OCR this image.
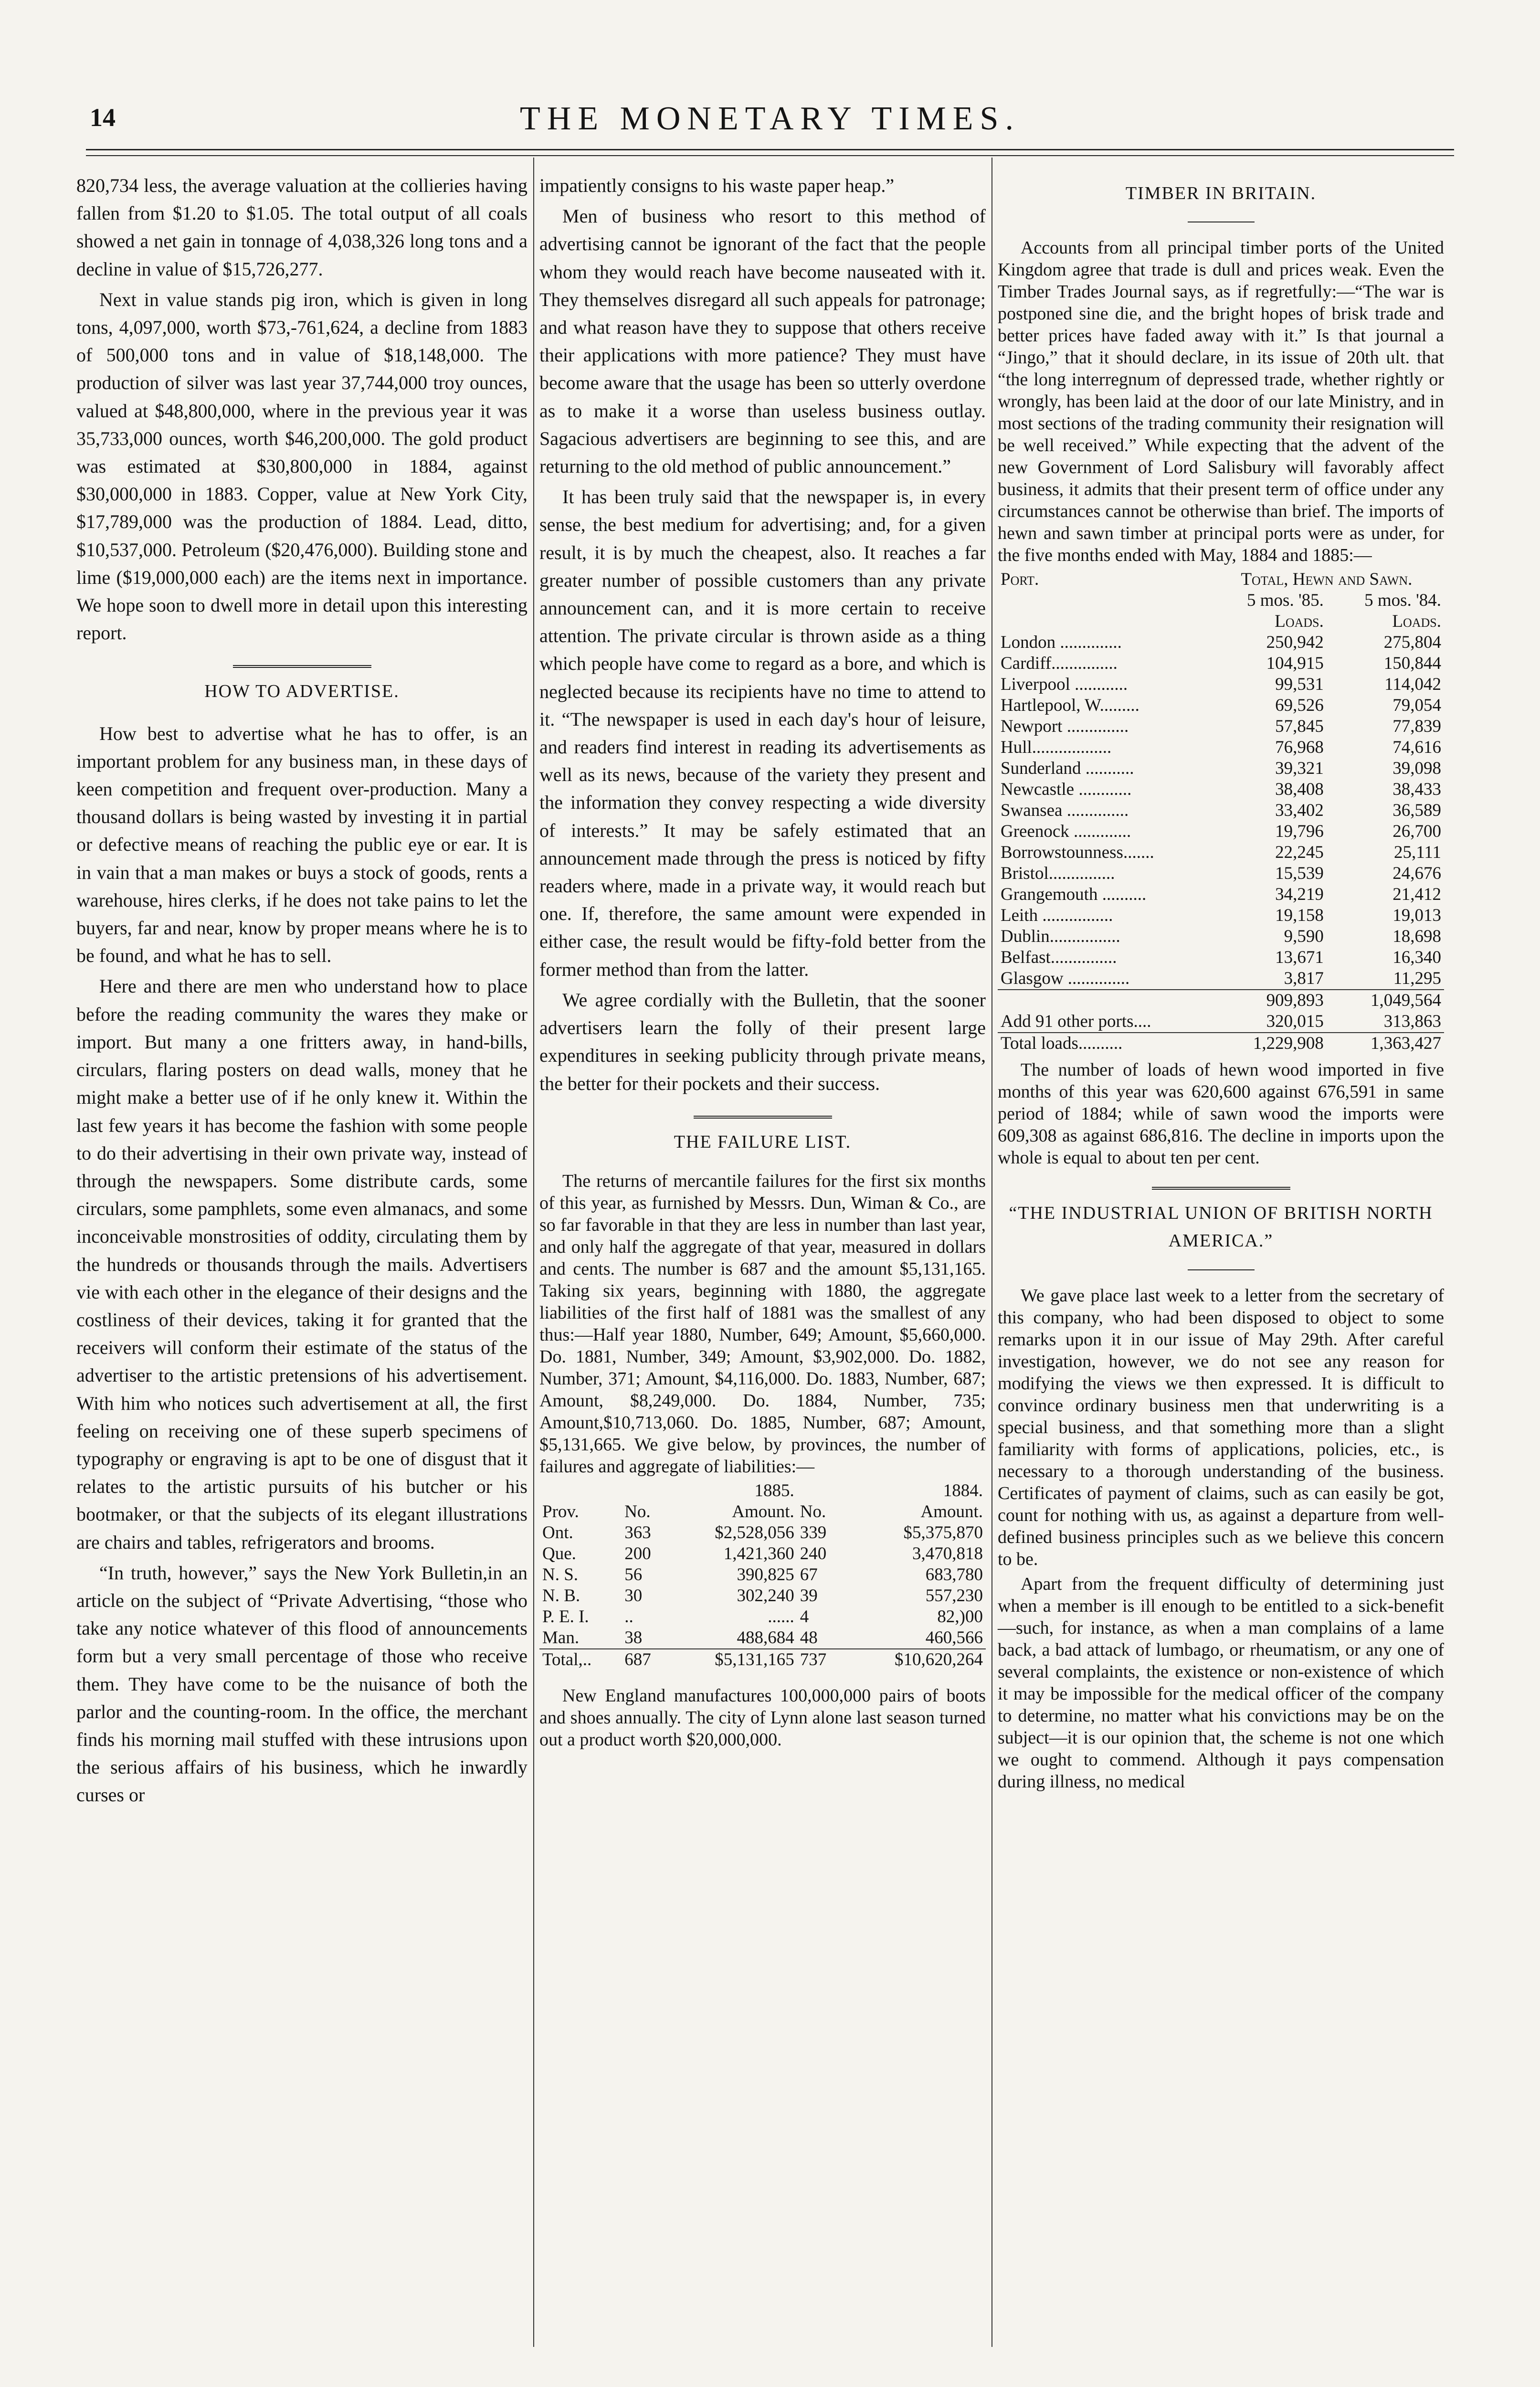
14	THE MONETARY TIMES.

820,734 less, the average valuation at the collieries having fallen from $1.20 to $1.05. The total output of all coals showed a net gain in tonnage of 4,038,326 long tons and a decline in value of $15,726,277.

Next in value stands pig iron, which is given in long tons, 4,097,000, worth $73,-761,624, a decline from 1883 of 500,000 tons and in value of $18,148,000. The production of silver was last year 37,744,000 troy ounces, valued at $48,800,000, where in the previous year it was 35,733,000 ounces, worth $46,200,000. The gold product was estimated at $30,800,000 in 1884, against $30,000,000 in 1883. Copper, value at New York City, $17,789,000 was the production of 1884. Lead, ditto, $10,537,000. Petroleum ($20,476,000). Building stone and lime ($19,000,000 each) are the items next in importance. We hope soon to dwell more in detail upon this interesting report.

HOW TO ADVERTISE.

How best to advertise what he has to offer, is an important problem for any business man, in these days of keen competition and frequent over-production. Many a thousand dollars is being wasted by investing it in partial or defective means of reaching the public eye or ear. It is in vain that a man makes or buys a stock of goods, rents a warehouse, hires clerks, if he does not take pains to let the buyers, far and near, know by proper means where he is to be found, and what he has to sell.

Here and there are men who understand how to place before the reading community the wares they make or import. But many a one fritters away, in hand-bills, circulars, flaring posters on dead walls, money that he might make a better use of if he only knew it. Within the last few years it has become the fashion with some people to do their advertising in their own private way, instead of through the newspapers. Some distribute cards, some circulars, some pamphlets, some even almanacs, and some inconceivable monstrosities of oddity, circulating them by the hundreds or thousands through the mails. Advertisers vie with each other in the elegance of their designs and the costliness of their devices, taking it for granted that the receivers will conform their estimate of the status of the advertiser to the artistic pretensions of his advertisement. With him who notices such advertisement at all, the first feeling on receiving one of these superb specimens of typography or engraving is apt to be one of disgust that it relates to the artistic pursuits of his butcher or his bootmaker, or that the subjects of its elegant illustrations are chairs and tables, refrigerators and brooms.

“In truth, however,” says the New York Bulletin,in an article on the subject of “Private Advertising, “those who take any notice whatever of this flood of announcements form but a very small percentage of those who receive them. They have come to be the nuisance of both the parlor and the counting-room. In the office, the merchant finds his morning mail stuffed with these intrusions upon the serious affairs of his business, which he inwardly curses or

impatiently consigns to his waste paper heap.”

Men of business who resort to this method of advertising cannot be ignorant of the fact that the people whom they would reach have become nauseated with it. They themselves disregard all such appeals for patronage; and what reason have they to suppose that others receive their applications with more patience? They must have become aware that the usage has been so utterly overdone as to make it a worse than useless business outlay. Sagacious advertisers are beginning to see this, and are returning to the old method of public announcement.”

It has been truly said that the newspaper is, in every sense, the best medium for advertising; and, for a given result, it is by much the cheapest, also. It reaches a far greater number of possible customers than any private announcement can, and it is more certain to receive attention. The private circular is thrown aside as a thing which people have come to regard as a bore, and which is neglected because its recipients have no time to attend to it. “The newspaper is used in each day's hour of leisure, and readers find interest in reading its advertisements as well as its news, because of the variety they present and the information they convey respecting a wide diversity of interests.” It may be safely estimated that an announcement made through the press is noticed by fifty readers where, made in a private way, it would reach but one. If, therefore, the same amount were expended in either case, the result would be fifty-fold better from the former method than from the latter.

We agree cordially with the Bulletin, that the sooner advertisers learn the folly of their present large expenditures in seeking publicity through private means, the better for their pockets and their success.

THE FAILURE LIST.

The returns of mercantile failures for the first six months of this year, as furnished by Messrs. Dun, Wiman & Co., are so far favorable in that they are less in number than last year, and only half the aggregate of that year, measured in dollars and cents. The number is 687 and the amount $5,131,165. Taking six years, beginning with 1880, the aggregate liabilities of the first half of 1881 was the smallest of any thus:—Half year 1880, Number, 649; Amount, $5,660,000. Do. 1881, Number, 349; Amount, $3,902,000. Do. 1882, Number, 371; Amount, $4,116,000. Do. 1883, Number, 687; Amount, $8,249,000. Do. 1884, Number, 735; Amount,$10,713,060. Do. 1885, Number, 687; Amount, $5,131,665. We give below, by provinces, the number of failures and aggregate of liabilities:—

		1885.		1884.
Prov.	No.	Amount.	No.	Amount.
Ont.	363	$2,528,056	339	$5,375,870
Que.	200	1,421,360	240	3,470,818
N. S.	56	390,825	67	683,780
N. B.	30	302,240	39	557,230
P. E. I.	..	......	4	82,)00
Man.	38	488,684	48	460,566
Total,..	687	$5,131,165	737	$10,620,264

New England manufactures 100,000,000 pairs of boots and shoes annually. The city of Lynn alone last season turned out a product worth $20,000,000.

TIMBER IN BRITAIN.

Accounts from all principal timber ports of the United Kingdom agree that trade is dull and prices weak. Even the Timber Trades Journal says, as if regretfully:—“The war is postponed sine die, and the bright hopes of brisk trade and better prices have faded away with it.” Is that journal a “Jingo,” that it should declare, in its issue of 20th ult. that “the long interregnum of depressed trade, whether rightly or wrongly, has been laid at the door of our late Ministry, and in most sections of the trading community their resignation will be well received.” While expecting that the advent of the new Government of Lord Salisbury will favorably affect business, it admits that their present term of office under any circumstances cannot be otherwise than brief. The imports of hewn and sawn timber at principal ports were as under, for the five months ended with May, 1884 and 1885:—

Port.	Total, Hewn and Sawn.	
	5 mos. '85.	5 mos. '84.
	Loads.	Loads.
London ..............	250,942	275,804
Cardiff...............	104,915	150,844
Liverpool ............	99,531	114,042
Hartlepool, W.........	69,526	79,054
Newport ..............	57,845	77,839
Hull..................	76,968	74,616
Sunderland ...........	39,321	39,098
Newcastle ............	38,408	38,433
Swansea ..............	33,402	36,589
Greenock .............	19,796	26,700
Borrowstounness.......	22,245	25,111
Bristol...............	15,539	24,676
Grangemouth ..........	34,219	21,412
Leith ................	19,158	19,013
Dublin................	9,590	18,698
Belfast...............	13,671	16,340
Glasgow ..............	3,817	11,295
	909,893	1,049,564
Add 91 other ports....	320,015	313,863
Total loads..........	1,229,908	1,363,427

The number of loads of hewn wood imported in five months of this year was 620,600 against 676,591 in same period of 1884; while of sawn wood the imports were 609,308 as against 686,816. The decline in imports upon the whole is equal to about ten per cent.

“THE INDUSTRIAL UNION OF BRITISH NORTH AMERICA.”

We gave place last week to a letter from the secretary of this company, who had been disposed to object to some remarks upon it in our issue of May 29th. After careful investigation, however, we do not see any reason for modifying the views we then expressed. It is difficult to convince ordinary business men that underwriting is a special business, and that something more than a slight familiarity with forms of applications, policies, etc., is necessary to a thorough understanding of the business. Certificates of payment of claims, such as can easily be got, count for nothing with us, as against a departure from well-defined business principles such as we believe this concern to be.

Apart from the frequent difficulty of determining just when a member is ill enough to be entitled to a sick-benefit—such, for instance, as when a man complains of a lame back, a bad attack of lumbago, or rheumatism, or any one of several complaints, the existence or non-existence of which it may be impossible for the medical officer of the company to determine, no matter what his convictions may be on the subject—it is our opinion that, the scheme is not one which we ought to commend. Although it pays compensation during illness, no medical
